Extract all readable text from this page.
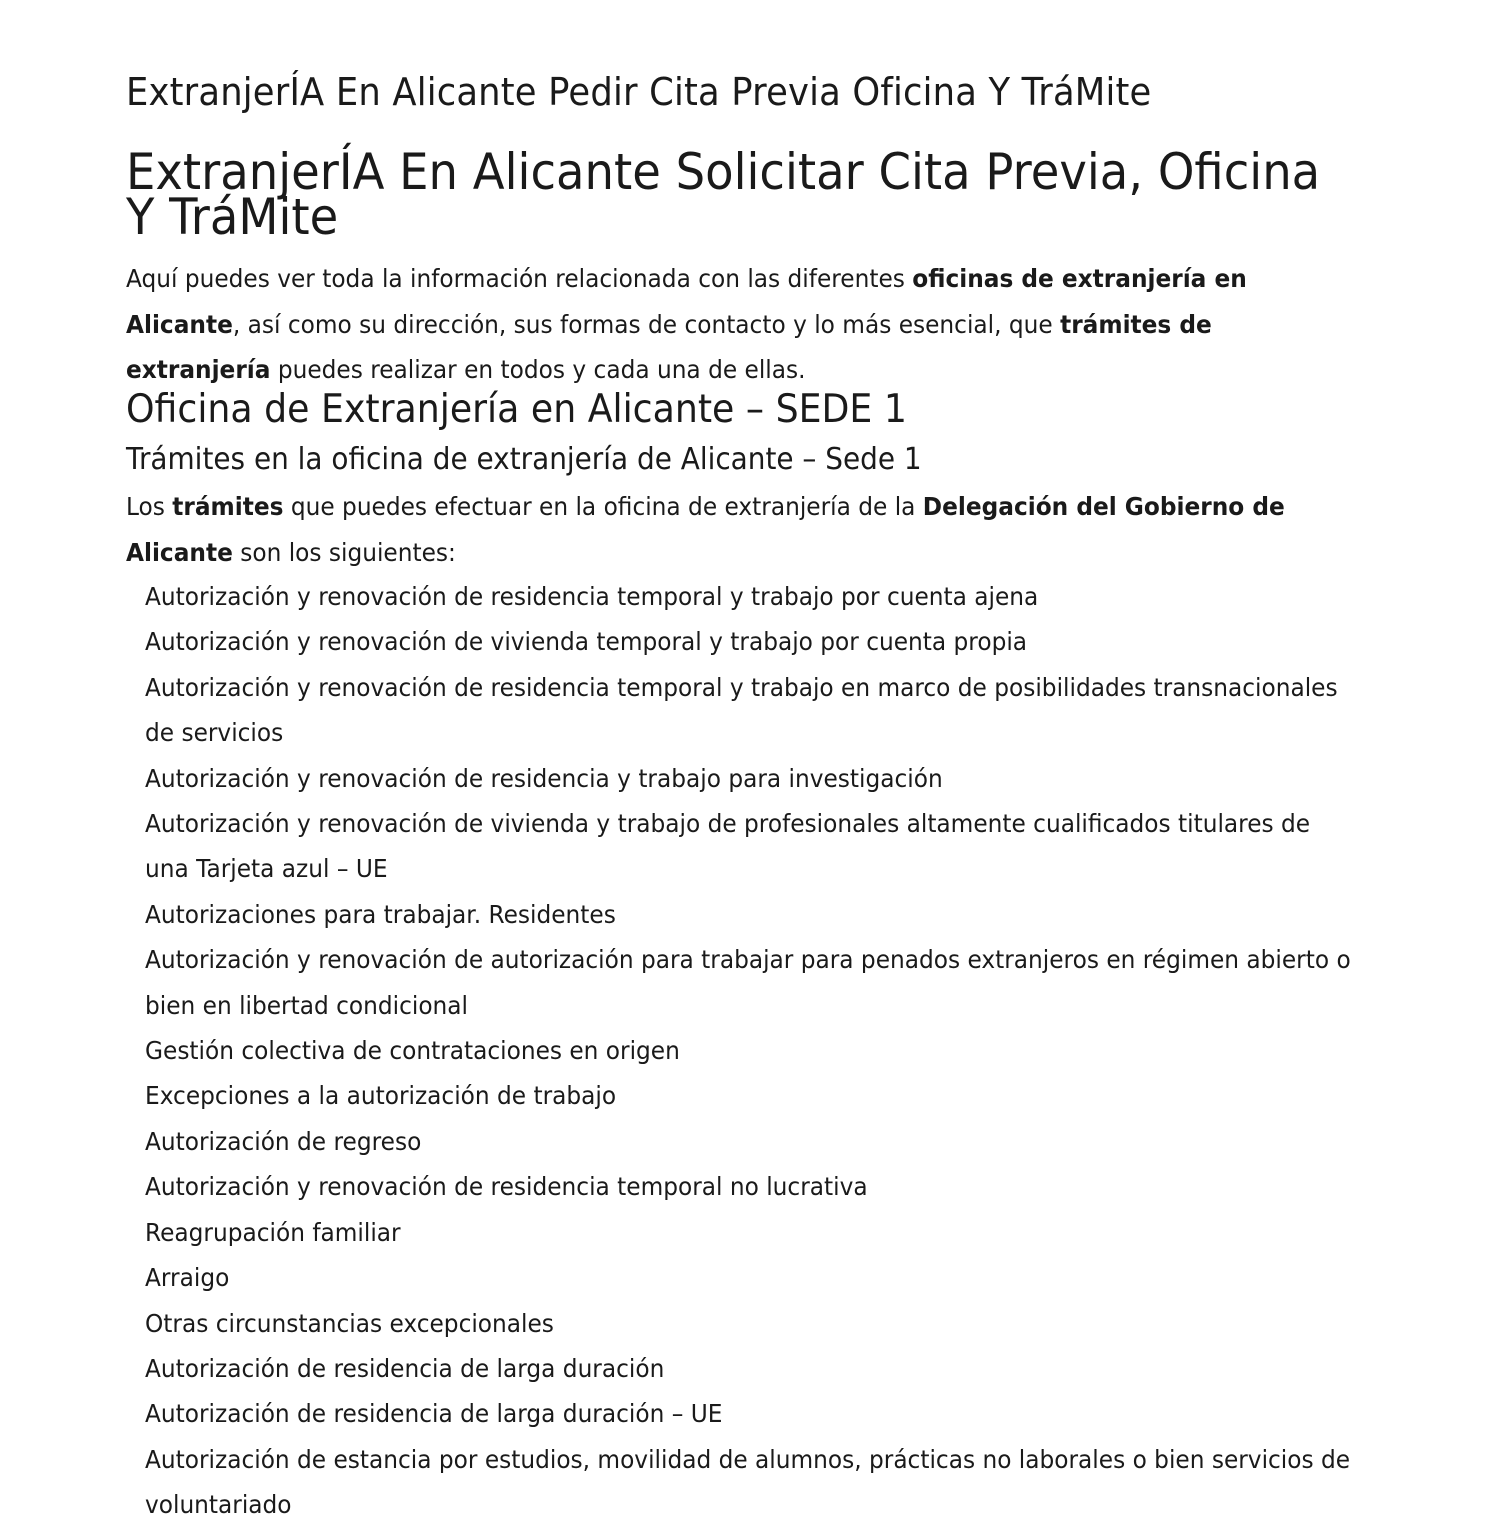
ExtranjerÍA En Alicante Pedir Cita Previa Oficina Y TráMite
ExtranjerÍA En Alicante Solicitar Cita Previa, Oficina Y TráMite

Aquí puedes ver toda la información relacionada con las diferentes oficinas de extranjería en Alicante, así como su dirección, sus formas de contacto y lo más esencial, que trámites de extranjería puedes realizar en todos y cada una de ellas.

Oficina de Extranjería en Alicante – SEDE 1
Trámites en la oficina de extranjería de Alicante – Sede 1

Los trámites que puedes efectuar en la oficina de extranjería de la Delegación del Gobierno de Alicante son los siguientes:

Autorización y renovación de residencia temporal y trabajo por cuenta ajena
Autorización y renovación de vivienda temporal y trabajo por cuenta propia
Autorización y renovación de residencia temporal y trabajo en marco de posibilidades transnacionales de servicios
Autorización y renovación de residencia y trabajo para investigación
Autorización y renovación de vivienda y trabajo de profesionales altamente cualificados titulares de una Tarjeta azul – UE
Autorizaciones para trabajar. Residentes
Autorización y renovación de autorización para trabajar para penados extranjeros en régimen abierto o bien en libertad condicional
Gestión colectiva de contrataciones en origen
Excepciones a la autorización de trabajo
Autorización de regreso
Autorización y renovación de residencia temporal no lucrativa
Reagrupación familiar
Arraigo
Otras circunstancias excepcionales
Autorización de residencia de larga duración
Autorización de residencia de larga duración – UE
Autorización de estancia por estudios, movilidad de alumnos, prácticas no laborales o bien servicios de voluntariado
